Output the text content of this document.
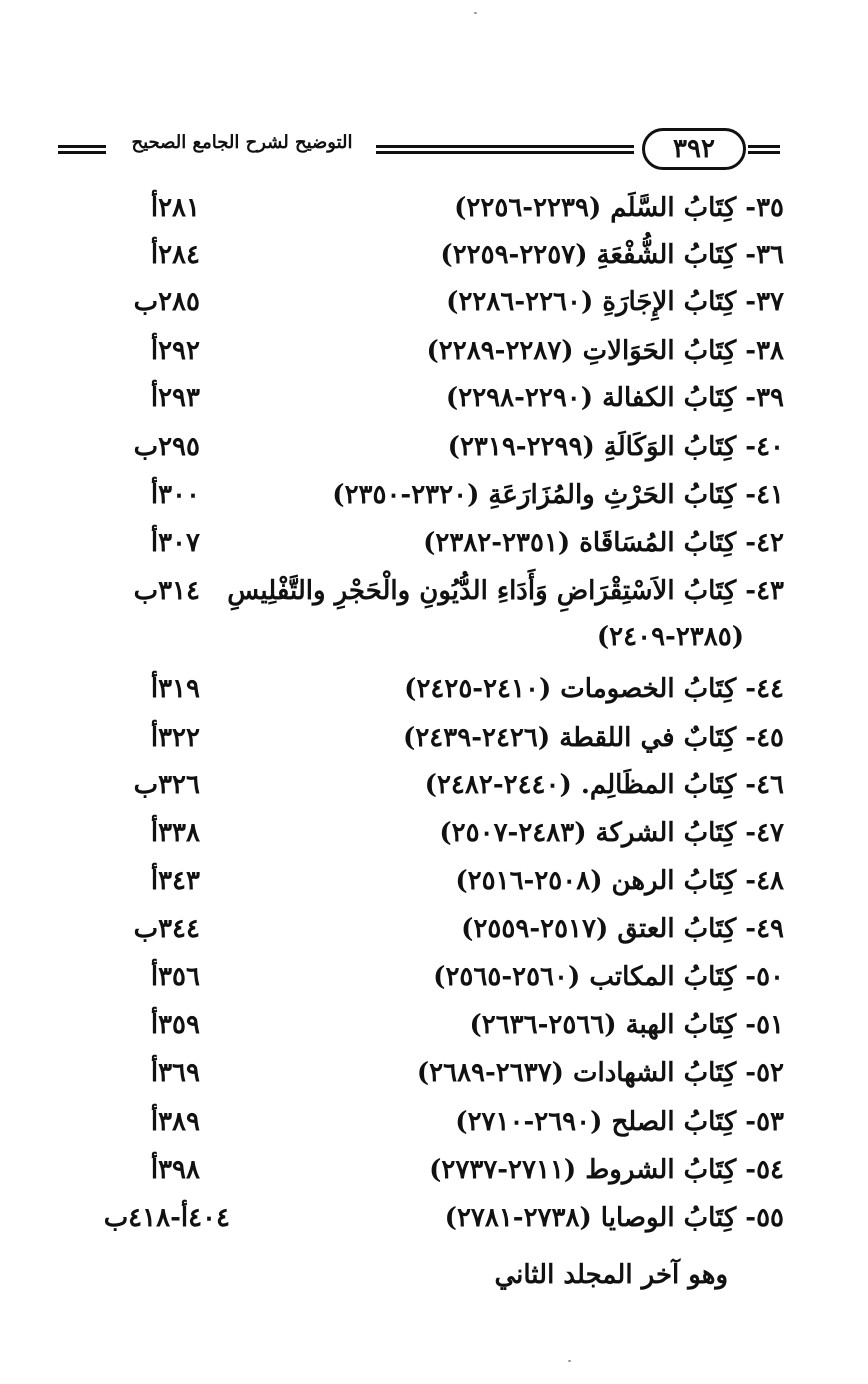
التوضيح لشرح الجامع الصحيح	٣٩٢
٣٥- كِتَابُ السَّلَم (٢٢٣٩-٢٢٥٦)
٢٨١أ
٣٦- كِتَابُ الشُّفْعَةِ (٢٢٥٧-٢٢٥٩)
٢٨٤أ
٣٧- كِتَابُ الإِجَارَةِ (٢٢٦٠-٢٢٨٦)
٢٨٥ب
٣٨- كِتَابُ الحَوَالاتِ (٢٢٨٧-٢٢٨٩)
٢٩٢أ
٣٩- كِتَابُ الكفالة (٢٢٩٠-٢٢٩٨)
٢٩٣أ
٤٠- كِتَابُ الوَكَالَةِ (٢٢٩٩-٢٣١٩)
٢٩٥ب
٤١- كِتَابُ الحَرْثِ والمُزَارَعَةِ (٢٣٢٠-٢٣٥٠)
٣٠٠أ
٤٢- كِتَابُ المُسَاقَاة (٢٣٥١-٢٣٨٢)
٣٠٧أ
٤٣- كِتَابُ الاَسْتِقْرَاضِ وَأَدَاءِ الدُّيُونِ والْحَجْرِ والتَّفْلِيسِ
(٢٣٨٥-٢٤٠٩)
٣١٤ب
٤٤- كِتَابُ الخصومات (٢٤١٠-٢٤٢٥)
٣١٩أ
٤٥- كِتَابٌ في اللقطة (٢٤٢٦-٢٤٣٩)
٣٢٢أ
٤٦- كِتَابُ المظَالِم. (٢٤٤٠-٢٤٨٢)
٣٢٦ب
٤٧- كِتَابُ الشركة (٢٤٨٣-٢٥٠٧)
٣٣٨أ
٤٨- كِتَابُ الرهن (٢٥٠٨-٢٥١٦)
٣٤٣أ
٤٩- كِتَابُ العتق (٢٥١٧-٢٥٥٩)
٣٤٤ب
٥٠- كِتَابُ المكاتب (٢٥٦٠-٢٥٦٥)
٣٥٦أ
٥١- كِتَابُ الهبة (٢٥٦٦-٢٦٣٦)
٣٥٩أ
٥٢- كِتَابُ الشهادات (٢٦٣٧-٢٦٨٩)
٣٦٩أ
٥٣- كِتَابُ الصلح (٢٦٩٠-٢٧١٠)
٣٨٩أ
٥٤- كِتَابُ الشروط (٢٧١١-٢٧٣٧)
٣٩٨أ
٥٥- كِتَابُ الوصايا (٢٧٣٨-٢٧٨١)
٤٠٤أ-٤١٨ب
وهو آخر المجلد الثاني
